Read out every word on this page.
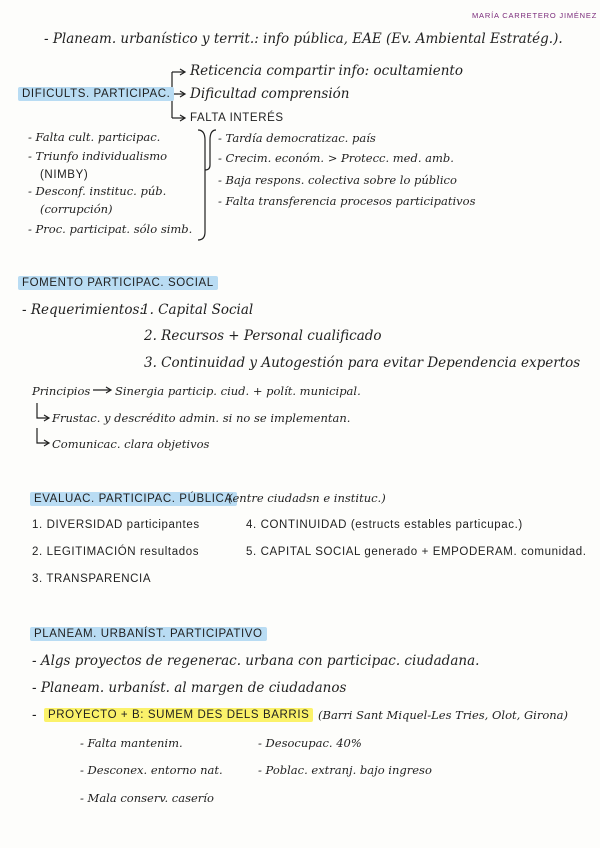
MARÍA CARRETERO JIMÉNEZ
- Planeam. urbanístico y territ.: info pública, EAE (Ev. Ambiental Estratég.).
DIFICULTS. PARTICIPAC.
Reticencia compartir info: ocultamiento
Dificultad comprensión
FALTA INTERÉS
- Falta cult. participac.
- Triunfo individualismo
(NIMBY)
- Desconf. instituc. púb.
(corrupción)
- Proc. participat. sólo simb.
- Tardía democratizac. país
- Crecim. económ. > Protecc. med. amb.
- Baja respons. colectiva sobre lo público
- Falta transferencia procesos participativos
FOMENTO PARTICIPAC. SOCIAL
- Requerimientos:
1. Capital Social
2. Recursos + Personal cualificado
3. Continuidad y Autogestión para evitar Dependencia expertos
Principios Sinergia particip. ciud. + polít. municipal.
Frustac. y descrédito admin. si no se implementan.
Comunicac. clara objetivos
EVALUAC. PARTICIPAC. PÚBLICA
(entre ciudadsn e instituc.)
1. DIVERSIDAD participantes
2. LEGITIMACIÓN resultados
3. TRANSPARENCIA
4. CONTINUIDAD (estructs estables particupac.)
5. CAPITAL SOCIAL generado + EMPODERAM. comunidad.
PLANEAM. URBANÍST. PARTICIPATIVO
- Algs proyectos de regenerac. urbana con participac. ciudadana.
- Planeam. urbaníst. al margen de ciudadanos
- PROYECTO + B: SUMEM DES DELS BARRIS (Barri Sant Miquel-Les Tries, Olot, Girona)
- Falta mantenim.
- Desconex. entorno nat.
- Mala conserv. caserío
- Desocupac. 40%
- Poblac. extranj. bajo ingreso
